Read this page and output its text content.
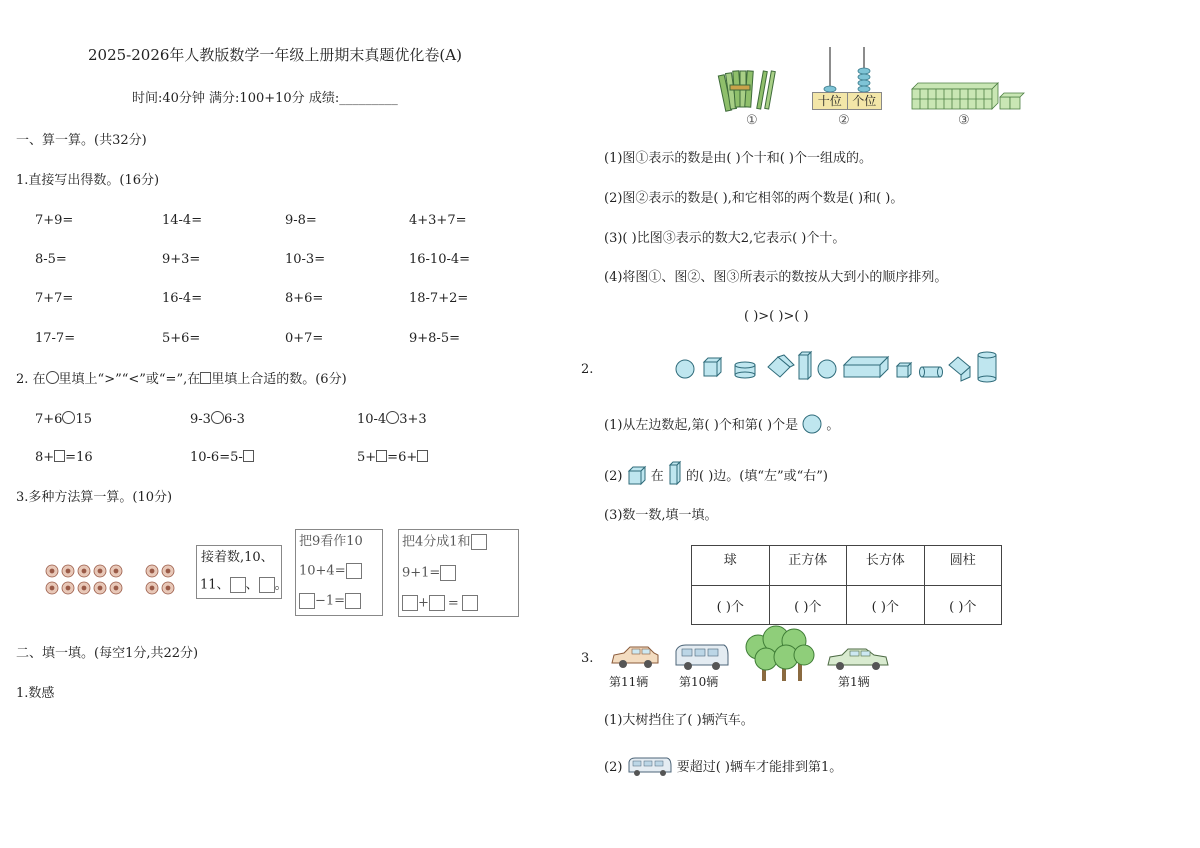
2025-2026年人教版数学一年级上册期末真题优化卷(A)
时间:40分钟 满分:100+10分 成绩:_________
一、算一算。(共32分)
1.直接写出得数。(16分)
7+9=	14-4=	9-8=	4+3+7=
8-5=	9+3=	10-3=	16-10-4=
7+7=	16-4=	8+6=	18-7+2=
17-7=	5+6=	0+7=	9+8-5=
2. 在 里填上“>”“<”或“=”,在 里填上合适的数。(6分)
7+6 15	9-3 6-3	10-4 3+3
8+ =16	10-6=5-	5+ =6+
3.多种方法算一算。(10分)
接着数,10、
11、 、 。
把9看作10
10+4=
−1=
把4分成1和
9+1=
+ =
二、填一填。(每空1分,共22分)
1.数感
①
十位 个位
②	③
(1)图①表示的数是由( )个十和( )个一组成的。
(2)图②表示的数是( ),和它相邻的两个数是( )和( )。
(3)( )比图③表示的数大2,它表示( )个十。
(4)将图①、图②、图③所表示的数按从大到小的顺序排列。
( )>( )>( )
2.
(1)从左边数起,第( )个和第( )个是 。
(2) 在 的( )边。(填“左”或“右”)
(3)数一数,填一填。
球	正方体	长方体	圆柱
( )个	( )个	( )个	( )个
3.
第11辆	第10辆	第1辆
(1)大树挡住了( )辆汽车。
(2)	要超过( )辆车才能排到第1。
